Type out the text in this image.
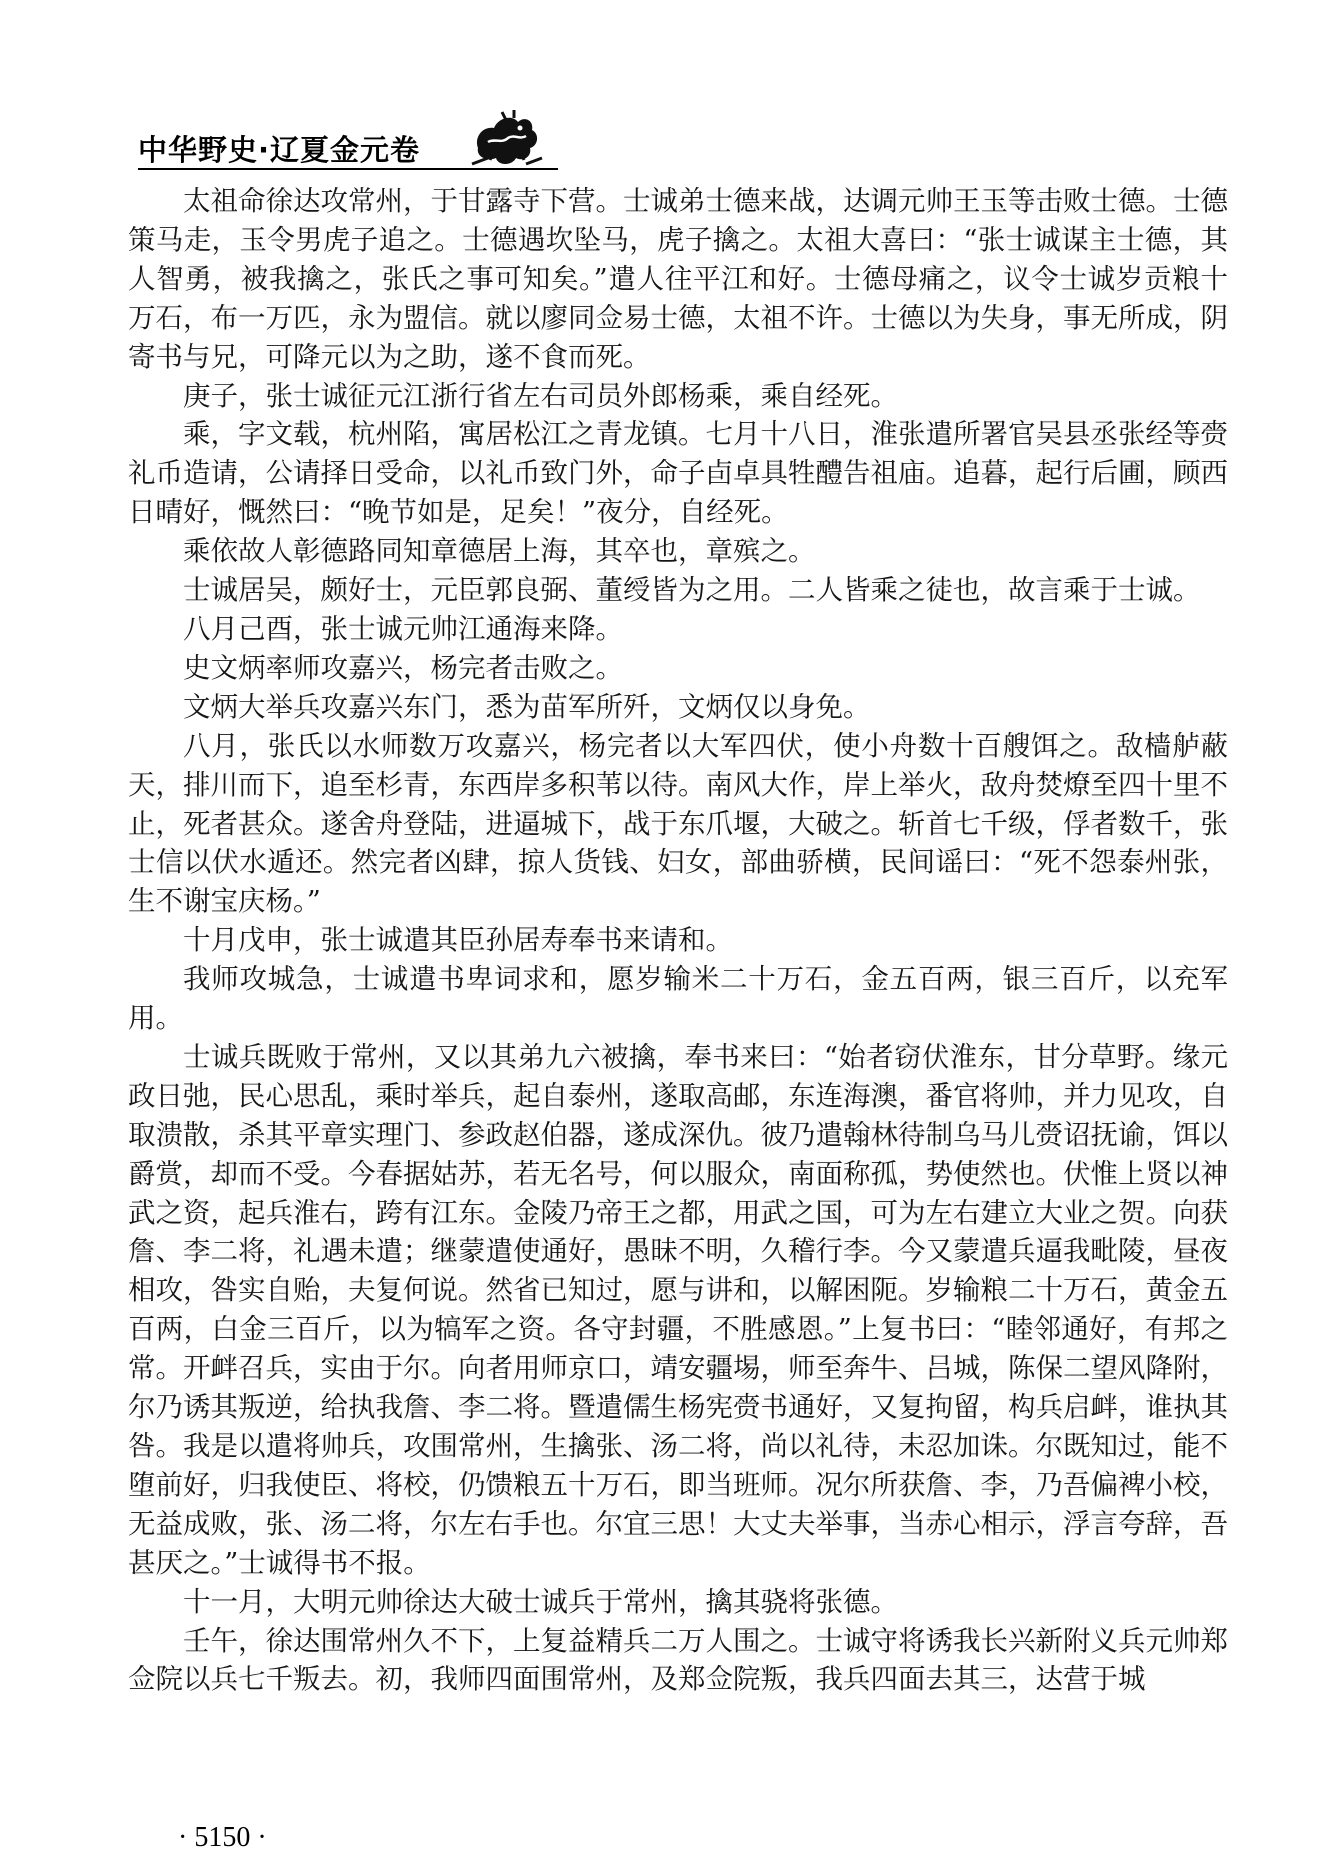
中华野史·辽夏金元卷

太祖命徐达攻常州，于甘露寺下营。士诚弟士德来战，达调元帅王玉等击败士德。士德策马走，玉令男虎子追之。士德遇坎坠马，虎子擒之。太祖大喜曰：“张士诚谋主士德，其人智勇，被我擒之，张氏之事可知矣。”遣人往平江和好。士德母痛之，议令士诚岁贡粮十万石，布一万匹，永为盟信。就以廖同佥易士德，太祖不许。士德以为失身，事无所成，阴寄书与兄，可降元以为之助，遂不食而死。

庚子，张士诚征元江浙行省左右司员外郎杨乘，乘自经死。

乘，字文载，杭州陷，寓居松江之青龙镇。七月十八日，淮张遣所署官吴县丞张经等赍礼币造请，公请择日受命，以礼币致门外，命子卣卓具牲醴告祖庙。追暮，起行后圃，顾西日晴好，慨然曰：“晚节如是，足矣！”夜分，自经死。

乘依故人彰德路同知章德居上海，其卒也，章殡之。

士诚居吴，颇好士，元臣郭良弼、董绶皆为之用。二人皆乘之徒也，故言乘于士诚。

八月己酉，张士诚元帅江通海来降。

史文炳率师攻嘉兴，杨完者击败之。

文炳大举兵攻嘉兴东门，悉为苗军所歼，文炳仅以身免。

八月，张氏以水师数万攻嘉兴，杨完者以大军四伏，使小舟数十百艘饵之。敌樯舻蔽天，排川而下，追至杉青，东西岸多积苇以待。南风大作，岸上举火，敌舟焚燎至四十里不止，死者甚众。遂舍舟登陆，进逼城下，战于东爪堰，大破之。斩首七千级，俘者数千，张士信以伏水遁还。然完者凶肆，掠人货钱、妇女，部曲骄横，民间谣曰：“死不怨泰州张，生不谢宝庆杨。”

十月戊申，张士诚遣其臣孙居寿奉书来请和。

我师攻城急，士诚遣书卑词求和，愿岁输米二十万石，金五百两，银三百斤，以充军用。

士诚兵既败于常州，又以其弟九六被擒，奉书来曰：“始者窃伏淮东，甘分草野。缘元政日弛，民心思乱，乘时举兵，起自泰州，遂取高邮，东连海澳，番官将帅，并力见攻，自取溃散，杀其平章实理门、参政赵伯器，遂成深仇。彼乃遣翰林待制乌马儿赍诏抚谕，饵以爵赏，却而不受。今春据姑苏，若无名号，何以服众，南面称孤，势使然也。伏惟上贤以神武之资，起兵淮右，跨有江东。金陵乃帝王之都，用武之国，可为左右建立大业之贺。向获詹、李二将，礼遇未遣；继蒙遣使通好，愚昧不明，久稽行李。今又蒙遣兵逼我毗陵，昼夜相攻，咎实自贻，夫复何说。然省已知过，愿与讲和，以解困阨。岁输粮二十万石，黄金五百两，白金三百斤，以为犒军之资。各守封疆，不胜感恩。”上复书曰：“睦邻通好，有邦之常。开衅召兵，实由于尔。向者用师京口，靖安疆埸，师至奔牛、吕城，陈保二望风降附，尔乃诱其叛逆，给执我詹、李二将。暨遣儒生杨宪赍书通好，又复拘留，构兵启衅，谁执其咎。我是以遣将帅兵，攻围常州，生擒张、汤二将，尚以礼待，未忍加诛。尔既知过，能不堕前好，归我使臣、将校，仍馈粮五十万石，即当班师。况尔所获詹、李，乃吾偏裨小校，无益成败，张、汤二将，尔左右手也。尔宜三思！大丈夫举事，当赤心相示，浮言夸辞，吾甚厌之。”士诚得书不报。

十一月，大明元帅徐达大破士诚兵于常州，擒其骁将张德。

壬午，徐达围常州久不下，上复益精兵二万人围之。士诚守将诱我长兴新附义兵元帅郑佥院以兵七千叛去。初，我师四面围常州，及郑佥院叛，我兵四面去其三，达营于城

· 5150 ·
